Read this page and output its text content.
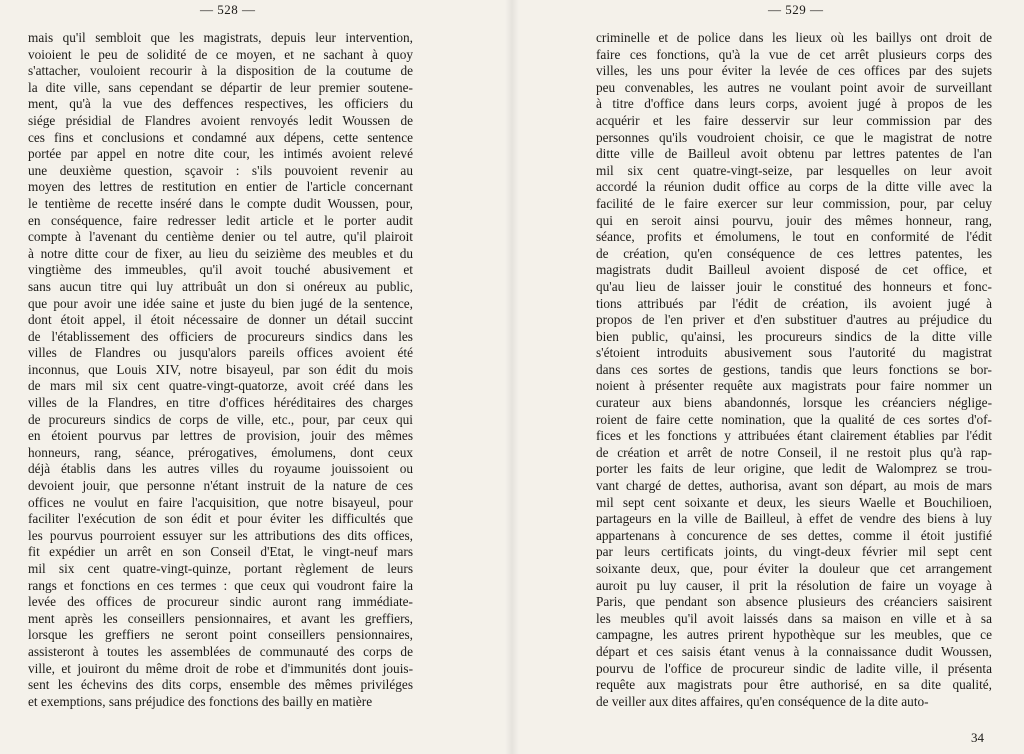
— 528 —
mais qu'il sembloit que les magistrats, depuis leur intervention,
voioient le peu de solidité de ce moyen, et ne sachant à quoy
s'attacher, vouloient recourir à la disposition de la coutume de
la dite ville, sans cependant se départir de leur premier soutene-
ment, qu'à la vue des deffences respectives, les officiers du
siége présidial de Flandres avoient renvoyés ledit Woussen de
ces fins et conclusions et condamné aux dépens, cette sentence
portée par appel en notre dite cour, les intimés avoient relevé
une deuxième question, sçavoir : s'ils pouvoient revenir au
moyen des lettres de restitution en entier de l'article concernant
le tentième de recette inséré dans le compte dudit Woussen, pour,
en conséquence, faire redresser ledit article et le porter audit
compte à l'avenant du centième denier ou tel autre, qu'il plairoit
à notre ditte cour de fixer, au lieu du seizième des meubles et du
vingtième des immeubles, qu'il avoit touché abusivement et
sans aucun titre qui luy attribuât un don si onéreux au public,
que pour avoir une idée saine et juste du bien jugé de la sentence,
dont étoit appel, il étoit nécessaire de donner un détail succint
de l'établissement des officiers de procureurs sindics dans les
villes de Flandres ou jusqu'alors pareils offices avoient été
inconnus, que Louis XIV, notre bisayeul, par son édit du mois
de mars mil six cent quatre-vingt-quatorze, avoit créé dans les
villes de la Flandres, en titre d'offices héréditaires des charges
de procureurs sindics de corps de ville, etc., pour, par ceux qui
en étoient pourvus par lettres de provision, jouir des mêmes
honneurs, rang, séance, prérogatives, émolumens, dont ceux
déjà établis dans les autres villes du royaume jouissoient ou
devoient jouir, que personne n'étant instruit de la nature de ces
offices ne voulut en faire l'acquisition, que notre bisayeul, pour
faciliter l'exécution de son édit et pour éviter les difficultés que
les pourvus pourroient essuyer sur les attributions des dits offices,
fit expédier un arrêt en son Conseil d'Etat, le vingt-neuf mars
mil six cent quatre-vingt-quinze, portant règlement de leurs
rangs et fonctions en ces termes : que ceux qui voudront faire la
levée des offices de procureur sindic auront rang immédiate-
ment après les conseillers pensionnaires, et avant les greffiers,
lorsque les greffiers ne seront point conseillers pensionnaires,
assisteront à toutes les assemblées de communauté des corps de
ville, et jouiront du même droit de robe et d'immunités dont jouis-
sent les échevins des dits corps, ensemble des mêmes priviléges
et exemptions, sans préjudice des fonctions des bailly en matière
— 529 —
criminelle et de police dans les lieux où les baillys ont droit de
faire ces fonctions, qu'à la vue de cet arrêt plusieurs corps des
villes, les uns pour éviter la levée de ces offices par des sujets
peu convenables, les autres ne voulant point avoir de surveillant
à titre d'office dans leurs corps, avoient jugé à propos de les
acquérir et les faire desservir sur leur commission par des
personnes qu'ils voudroient choisir, ce que le magistrat de notre
ditte ville de Bailleul avoit obtenu par lettres patentes de l'an
mil six cent quatre-vingt-seize, par lesquelles on leur avoit
accordé la réunion dudit office au corps de la ditte ville avec la
facilité de le faire exercer sur leur commission, pour, par celuy
qui en seroit ainsi pourvu, jouir des mêmes honneur, rang,
séance, profits et émolumens, le tout en conformité de l'édit
de création, qu'en conséquence de ces lettres patentes, les
magistrats dudit Bailleul avoient disposé de cet office, et
qu'au lieu de laisser jouir le constitué des honneurs et fonc-
tions attribués par l'édit de création, ils avoient jugé à
propos de l'en priver et d'en substituer d'autres au préjudice du
bien public, qu'ainsi, les procureurs sindics de la ditte ville
s'étoient introduits abusivement sous l'autorité du magistrat
dans ces sortes de gestions, tandis que leurs fonctions se bor-
noient à présenter requête aux magistrats pour faire nommer un
curateur aux biens abandonnés, lorsque les créanciers néglige-
roient de faire cette nomination, que la qualité de ces sortes d'of-
fices et les fonctions y attribuées étant clairement établies par l'édit
de création et arrêt de notre Conseil, il ne restoit plus qu'à rap-
porter les faits de leur origine, que ledit de Walomprez se trou-
vant chargé de dettes, authorisa, avant son départ, au mois de mars
mil sept cent soixante et deux, les sieurs Waelle et Bouchilioen,
partageurs en la ville de Bailleul, à effet de vendre des biens à luy
appartenans à concurence de ses dettes, comme il étoit justifié
par leurs certificats joints, du vingt-deux février mil sept cent
soixante deux, que, pour éviter la douleur que cet arrangement
auroit pu luy causer, il prit la résolution de faire un voyage à
Paris, que pendant son absence plusieurs des créanciers saisirent
les meubles qu'il avoit laissés dans sa maison en ville et à sa
campagne, les autres prirent hypothèque sur les meubles, que ce
départ et ces saisis étant venus à la connaissance dudit Woussen,
pourvu de l'office de procureur sindic de ladite ville, il présenta
requête aux magistrats pour être authorisé, en sa dite qualité,
de veiller aux dites affaires, qu'en conséquence de la dite auto-
34
